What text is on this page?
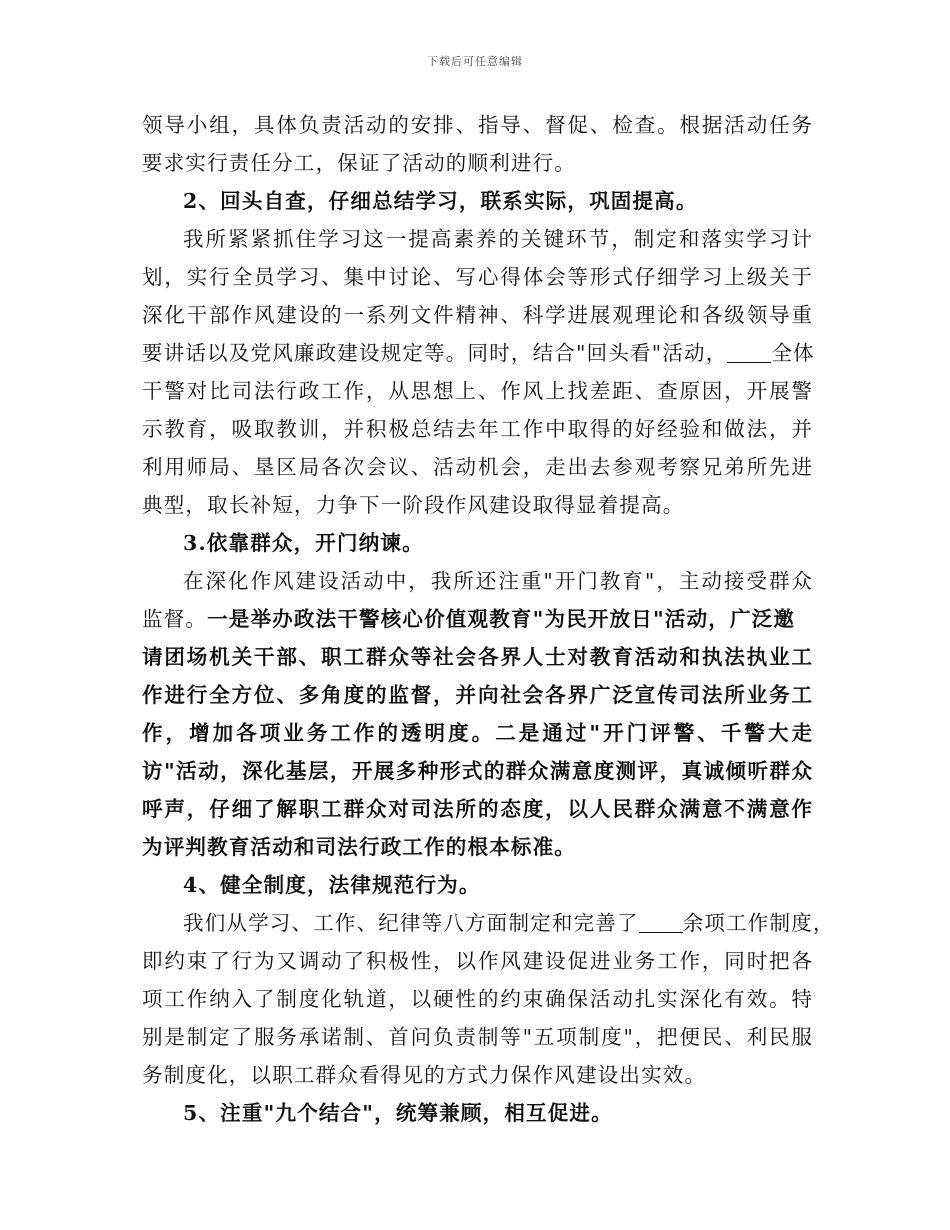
下载后可任意编辑
领导小组，具体负责活动的安排、指导、督促、检查。根据活动任务
要求实行责任分工，保证了活动的顺利进行。
2、回头自查，仔细总结学习，联系实际，巩固提高。
我所紧紧抓住学习这一提高素养的关键环节，制定和落实学习计
划，实行全员学习、集中讨论、写心得体会等形式仔细学习上级关于
深化干部作风建设的一系列文件精神、科学进展观理论和各级领导重
要讲话以及党风廉政建设规定等。同时，结合"回头看"活动， 全体
干警对比司法行政工作，从思想上、作风上找差距、查原因，开展警
示教育，吸取教训，并积极总结去年工作中取得的好经验和做法，并
利用师局、垦区局各次会议、活动机会，走出去参观考察兄弟所先进
典型，取长补短，力争下一阶段作风建设取得显着提高。
3.依靠群众，开门纳谏。
在深化作风建设活动中，我所还注重"开门教育"，主动接受群众
监督。一是举办政法干警核心价值观教育"为民开放日"活动，广泛邀
请团场机关干部、职工群众等社会各界人士对教育活动和执法执业工
作进行全方位、多角度的监督，并向社会各界广泛宣传司法所业务工
作，增加各项业务工作的透明度。二是通过"开门评警、千警大走
访"活动，深化基层，开展多种形式的群众满意度测评，真诚倾听群众
呼声，仔细了解职工群众对司法所的态度，以人民群众满意不满意作
为评判教育活动和司法行政工作的根本标准。
4、健全制度，法律规范行为。
我们从学习、工作、纪律等八方面制定和完善了 余项工作制度，
即约束了行为又调动了积极性，以作风建设促进业务工作，同时把各
项工作纳入了制度化轨道，以硬性的约束确保活动扎实深化有效。特
别是制定了服务承诺制、首问负责制等"五项制度"，把便民、利民服
务制度化，以职工群众看得见的方式力保作风建设出实效。
5、注重"九个结合"，统筹兼顾，相互促进。
